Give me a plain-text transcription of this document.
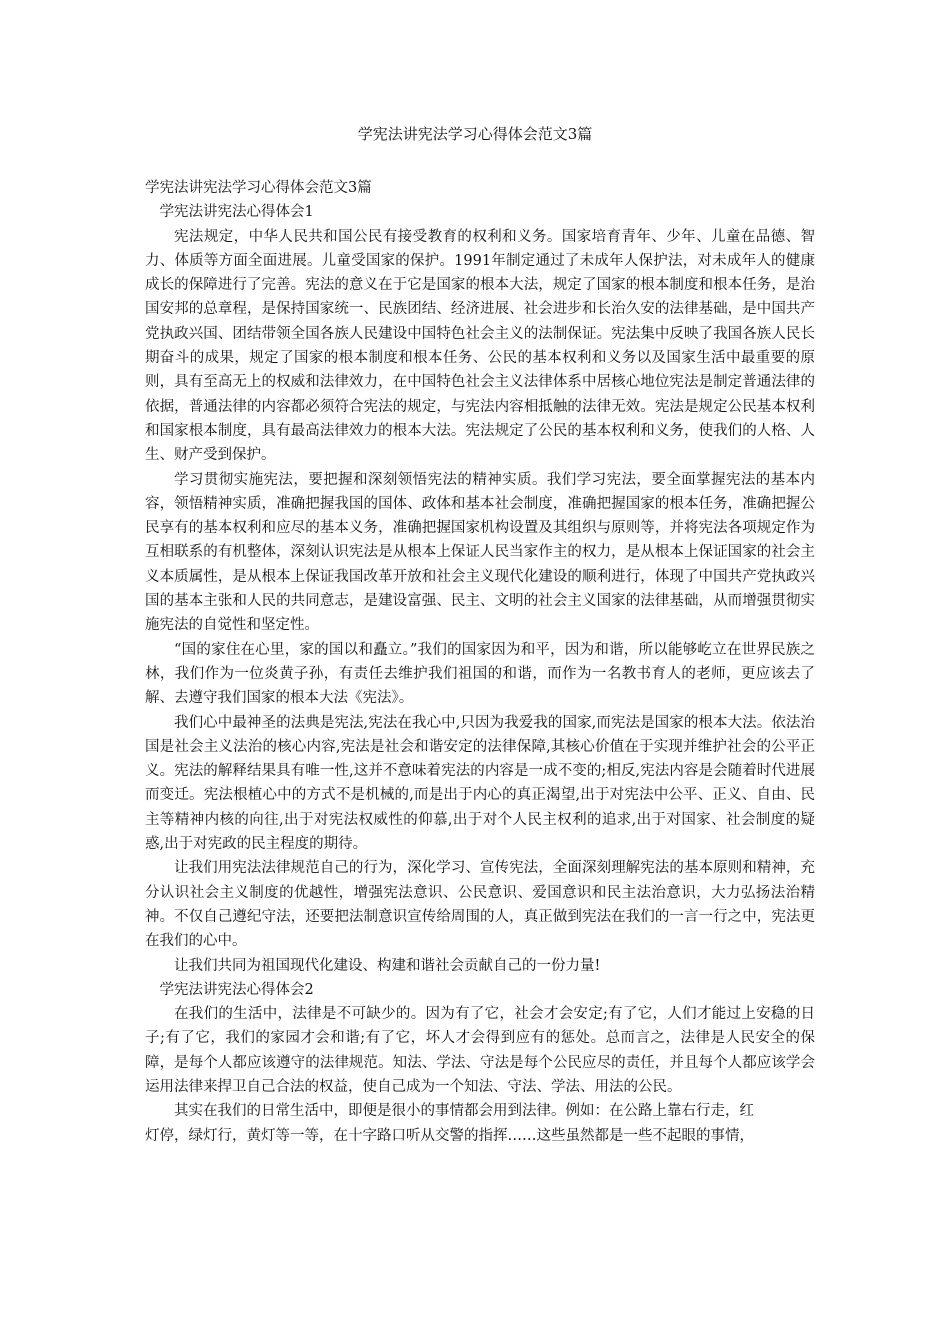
学宪法讲宪法学习心得体会范文3篇

学宪法讲宪法学习心得体会范文3篇

学宪法讲宪法心得体会1

宪法规定，中华人民共和国公民有接受教育的权利和义务。国家培育青年、少年、儿童在品德、智力、体质等方面全面进展。儿童受国家的保护。1991年制定通过了未成年人保护法，对未成年人的健康成长的保障进行了完善。宪法的意义在于它是国家的根本大法，规定了国家的根本制度和根本任务，是治国安邦的总章程，是保持国家统一、民族团结、经济进展、社会进步和长治久安的法律基础，是中国共产党执政兴国、团结带领全国各族人民建设中国特色社会主义的法制保证。宪法集中反映了我国各族人民长期奋斗的成果，规定了国家的根本制度和根本任务、公民的基本权利和义务以及国家生活中最重要的原则，具有至高无上的权威和法律效力，在中国特色社会主义法律体系中居核心地位宪法是制定普通法律的依据，普通法律的内容都必须符合宪法的规定，与宪法内容相抵触的法律无效。宪法是规定公民基本权利和国家根本制度，具有最高法律效力的根本大法。宪法规定了公民的基本权利和义务，使我们的人格、人生、财产受到保护。

学习贯彻实施宪法，要把握和深刻领悟宪法的精神实质。我们学习宪法，要全面掌握宪法的基本内容，领悟精神实质，准确把握我国的国体、政体和基本社会制度，准确把握国家的根本任务，准确把握公民享有的基本权利和应尽的基本义务，准确把握国家机构设置及其组织与原则等，并将宪法各项规定作为互相联系的有机整体，深刻认识宪法是从根本上保证人民当家作主的权力，是从根本上保证国家的社会主义本质属性，是从根本上保证我国改革开放和社会主义现代化建设的顺利进行，体现了中国共产党执政兴国的基本主张和人民的共同意志，是建设富强、民主、文明的社会主义国家的法律基础，从而增强贯彻实施宪法的自觉性和坚定性。

“国的家住在心里，家的国以和矗立。”我们的国家因为和平，因为和谐，所以能够屹立在世界民族之林，我们作为一位炎黄子孙，有责任去维护我们祖国的和谐，而作为一名教书育人的老师，更应该去了解、去遵守我们国家的根本大法《宪法》。

我们心中最神圣的法典是宪法,宪法在我心中,只因为我爱我的国家,而宪法是国家的根本大法。依法治国是社会主义法治的核心内容,宪法是社会和谐安定的法律保障,其核心价值在于实现并维护社会的公平正义。宪法的解释结果具有唯一性,这并不意味着宪法的内容是一成不变的;相反,宪法内容是会随着时代进展而变迁。宪法根植心中的方式不是机械的,而是出于内心的真正渴望,出于对宪法中公平、正义、自由、民主等精神内核的向往,出于对宪法权威性的仰慕,出于对个人民主权利的追求,出于对国家、社会制度的疑惑,出于对宪政的民主程度的期待。

让我们用宪法法律规范自己的行为，深化学习、宣传宪法，全面深刻理解宪法的基本原则和精神，充分认识社会主义制度的优越性，增强宪法意识、公民意识、爱国意识和民主法治意识，大力弘扬法治精神。不仅自己遵纪守法，还要把法制意识宣传给周围的人，真正做到宪法在我们的一言一行之中，宪法更在我们的心中。

让我们共同为祖国现代化建设、构建和谐社会贡献自己的一份力量!

学宪法讲宪法心得体会2

在我们的生活中，法律是不可缺少的。因为有了它，社会才会安定;有了它，人们才能过上安稳的日子;有了它，我们的家园才会和谐;有了它，坏人才会得到应有的惩处。总而言之，法律是人民安全的保障，是每个人都应该遵守的法律规范。知法、学法、守法是每个公民应尽的责任，并且每个人都应该学会运用法律来捍卫自己合法的权益，使自己成为一个知法、守法、学法、用法的公民。

其实在我们的日常生活中，即便是很小的事情都会用到法律。例如：在公路上靠右行走，红

灯停，绿灯行，黄灯等一等，在十字路口听从交警的指挥……这些虽然都是一些不起眼的事情，
